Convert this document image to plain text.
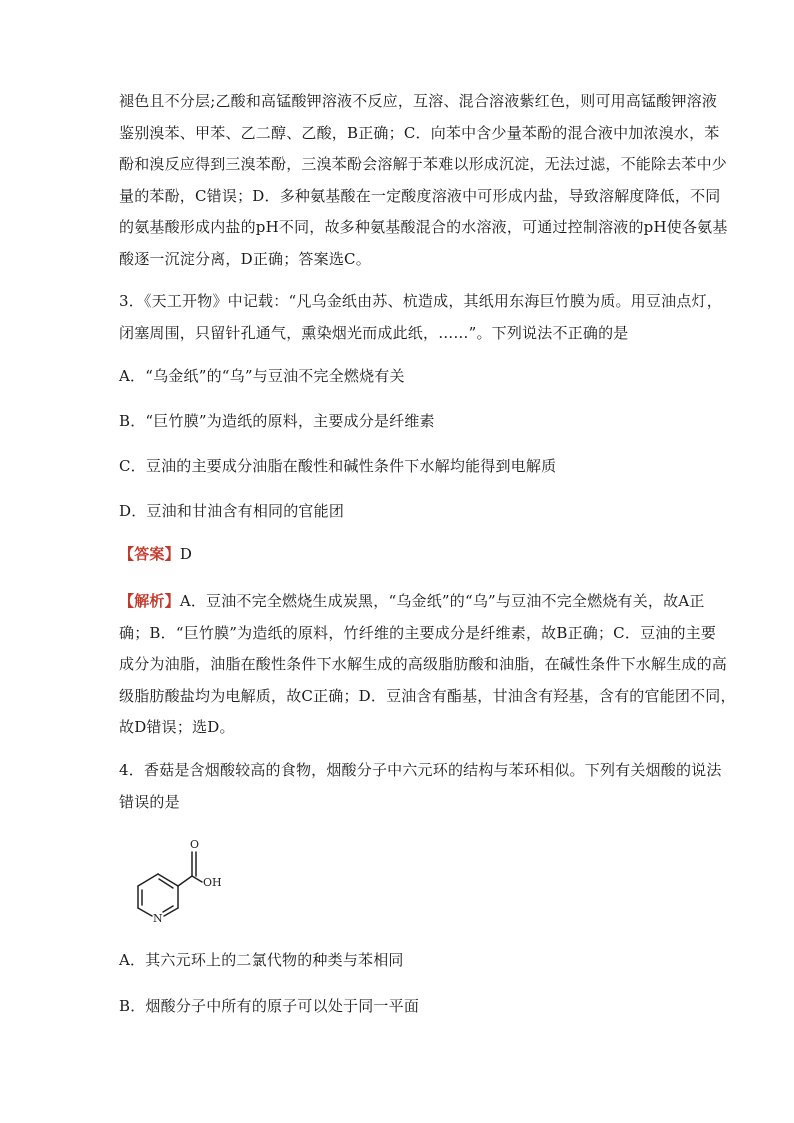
褪色且不分层;乙酸和高锰酸钾溶液不反应，互溶、混合溶液紫红色，则可用高锰酸钾溶液
鉴别溴苯、甲苯、乙二醇、乙酸，B正确；C．向苯中含少量苯酚的混合液中加浓溴水，苯
酚和溴反应得到三溴苯酚，三溴苯酚会溶解于苯难以形成沉淀，无法过滤，不能除去苯中少
量的苯酚，C错误；D．多种氨基酸在一定酸度溶液中可形成内盐，导致溶解度降低，不同
的氨基酸形成内盐的pH不同，故多种氨基酸混合的水溶液，可通过控制溶液的pH使各氨基
酸逐一沉淀分离，D正确；答案选C。

3．《天工开物》中记载：“凡乌金纸由苏、杭造成，其纸用东海巨竹膜为质。用豆油点灯，
闭塞周围，只留针孔通气，熏染烟光而成此纸，……”。下列说法不正确的是

A．“乌金纸”的“乌”与豆油不完全燃烧有关

B．“巨竹膜”为造纸的原料，主要成分是纤维素

C．豆油的主要成分油脂在酸性和碱性条件下水解均能得到电解质

D．豆油和甘油含有相同的官能团

【答案】D

【解析】A．豆油不完全燃烧生成炭黑，“乌金纸”的“乌”与豆油不完全燃烧有关，故A正
确；B．“巨竹膜”为造纸的原料，竹纤维的主要成分是纤维素，故B正确；C．豆油的主要
成分为油脂，油脂在酸性条件下水解生成的高级脂肪酸和油脂，在碱性条件下水解生成的高
级脂肪酸盐均为电解质，故C正确；D．豆油含有酯基，甘油含有羟基，含有的官能团不同，
故D错误；选D。

4．香菇是含烟酸较高的食物，烟酸分子中六元环的结构与苯环相似。下列有关烟酸的说法
错误的是

O
OH
N

A．其六元环上的二氯代物的种类与苯相同

B．烟酸分子中所有的原子可以处于同一平面
